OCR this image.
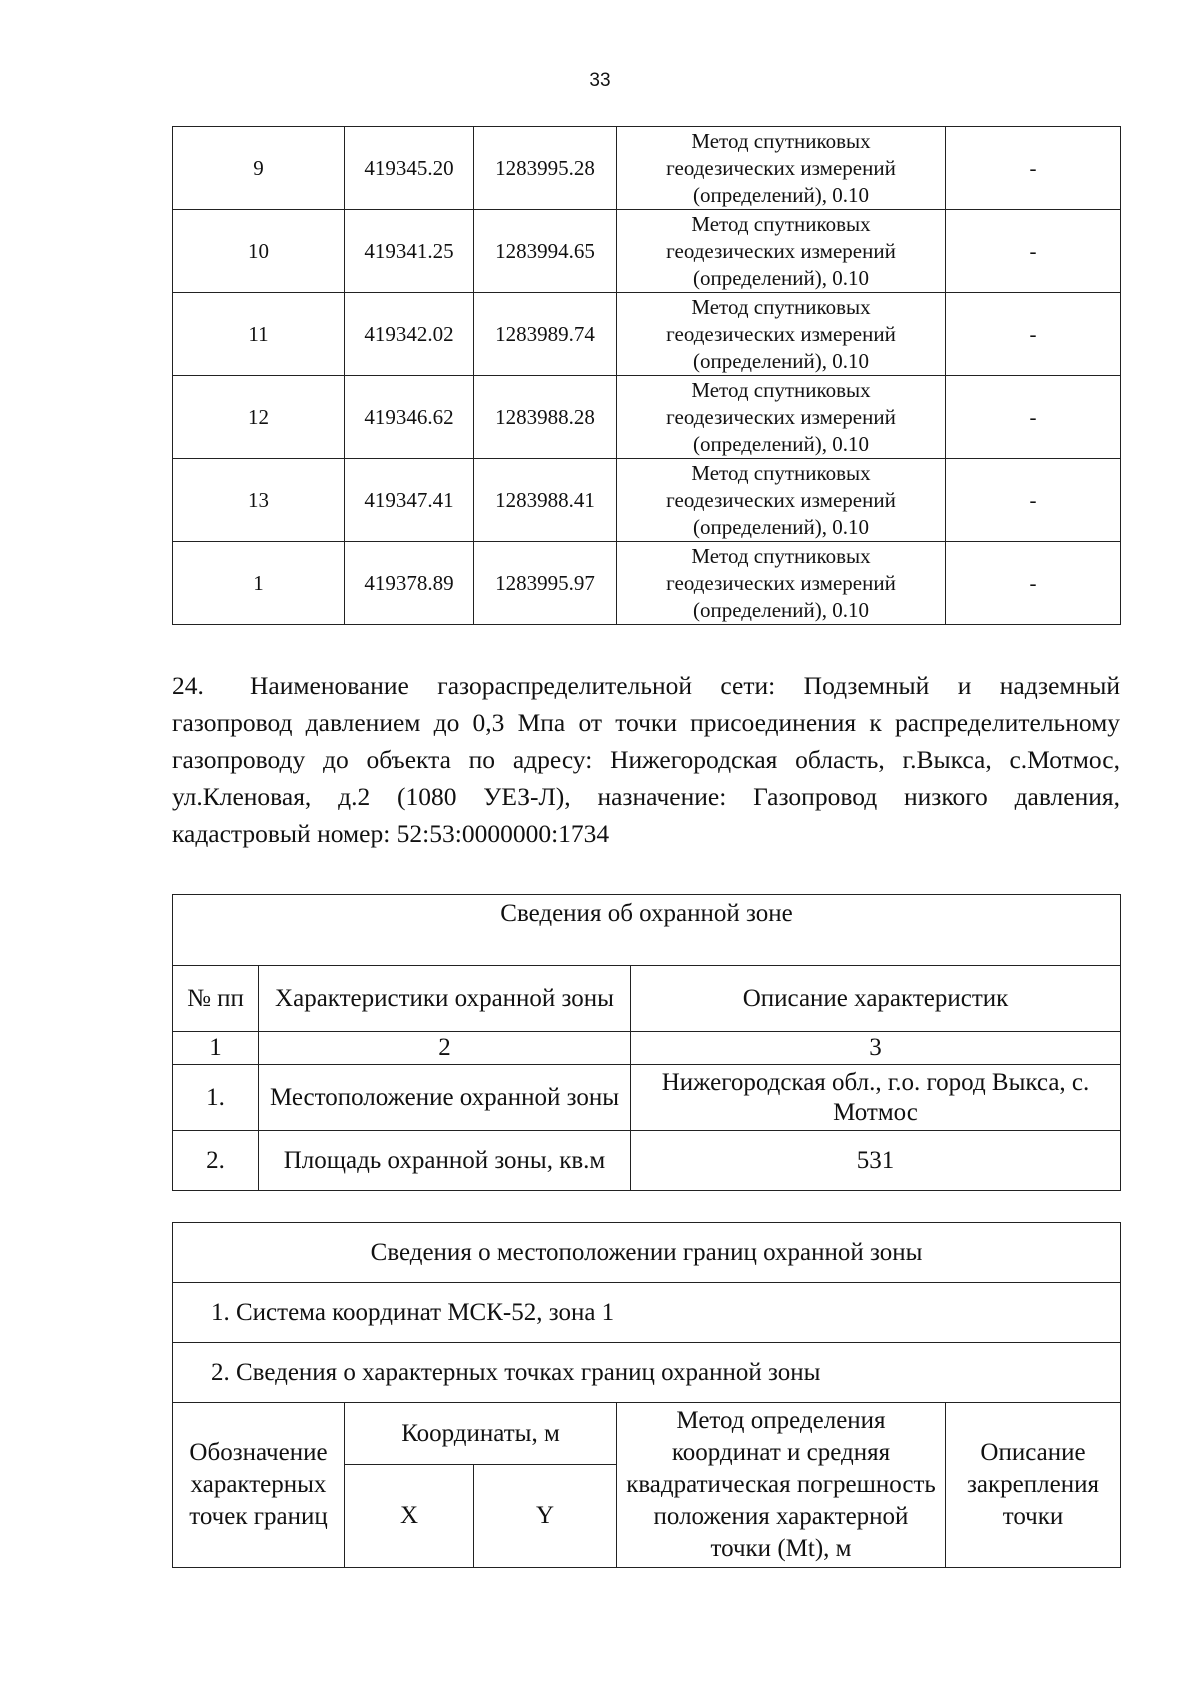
33
9	419345.20	1283995.28	Метод спутниковых
геодезических измерений
(определений), 0.10	-
10	419341.25	1283994.65	Метод спутниковых
геодезических измерений
(определений), 0.10	-
11	419342.02	1283989.74	Метод спутниковых
геодезических измерений
(определений), 0.10	-
12	419346.62	1283988.28	Метод спутниковых
геодезических измерений
(определений), 0.10	-
13	419347.41	1283988.41	Метод спутниковых
геодезических измерений
(определений), 0.10	-
1	419378.89	1283995.97	Метод спутниковых
геодезических измерений
(определений), 0.10	-

24. Наименование газораспределительной сети: Подземный и надземный газопровод давлением до 0,3 Мпа от точки присоединения к распределительному газопроводу до объекта по адресу: Нижегородская область, г.Выкса, с.Мотмос, ул.Кленовая, д.2 (1080 УЕЗ-Л), назначение: Газопровод низкого давления, кадастровый номер: 52:53:0000000:1734

Сведения об охранной зоне		
№ пп	Характеристики охранной зоны	Описание характеристик
1	2	3
1.	Местоположение охранной зоны	Нижегородская обл., г.о. город Выкса, с. Мотмос
2.	Площадь охранной зоны, кв.м	531
Сведения о местоположении границ охранной зоны				
1. Система координат МСК-52, зона 1				
2. Сведения о характерных точках границ охранной зоны				
Обозначение характерных точек границ	Координаты, м		Метод определения координат и средняя квадратическая погрешность положения характерной точки (Mt), м	Описание закрепления точки
	X	Y		
